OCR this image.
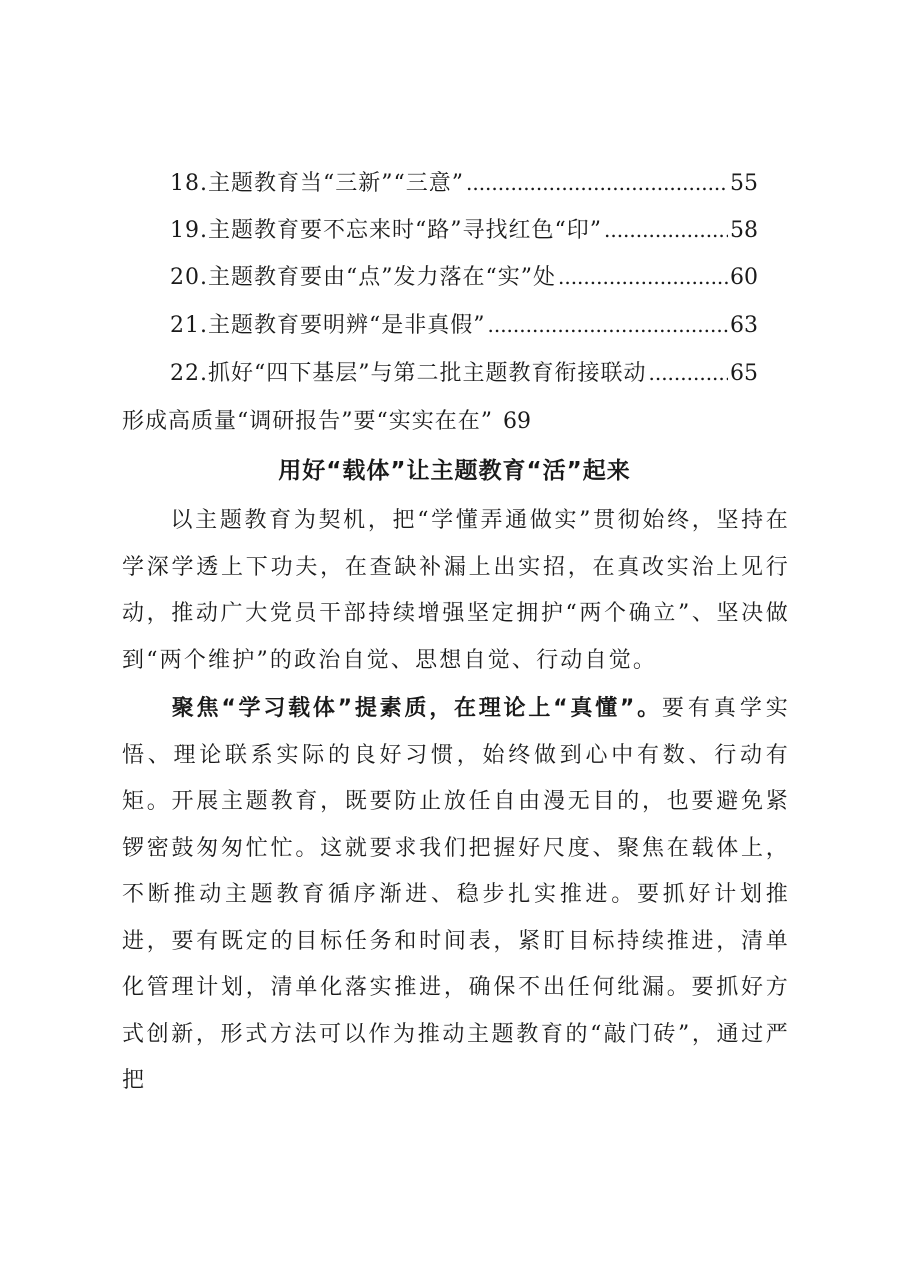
18.主题教育当“三新”“三意” .....	55
19.主题教育要不忘来时“路”寻找红色“印” .....	58
20.主题教育要由“点”发力落在“实”处 .....	60
21.主题教育要明辨“是非真假” .....	63
22.抓好“四下基层”与第二批主题教育衔接联动 .....	65
形成高质量“调研报告”要“实实在在” 69
用好“载体”让主题教育“活”起来
以主题教育为契机，把“学懂弄通做实”贯彻始终，坚持在学深学透上下功夫，在查缺补漏上出实招，在真改实治上见行动，推动广大党员干部持续增强坚定拥护“两个确立”、坚决做到“两个维护”的政治自觉、思想自觉、行动自觉。
聚焦“学习载体”提素质，在理论上“真懂”。要有真学实悟、理论联系实际的良好习惯，始终做到心中有数、行动有矩。开展主题教育，既要防止放任自由漫无目的，也要避免紧锣密鼓匆匆忙忙。这就要求我们把握好尺度、聚焦在载体上，不断推动主题教育循序渐进、稳步扎实推进。要抓好计划推进，要有既定的目标任务和时间表，紧盯目标持续推进，清单化管理计划，清单化落实推进，确保不出任何纰漏。要抓好方式创新，形式方法可以作为推动主题教育的“敲门砖”，通过严把
